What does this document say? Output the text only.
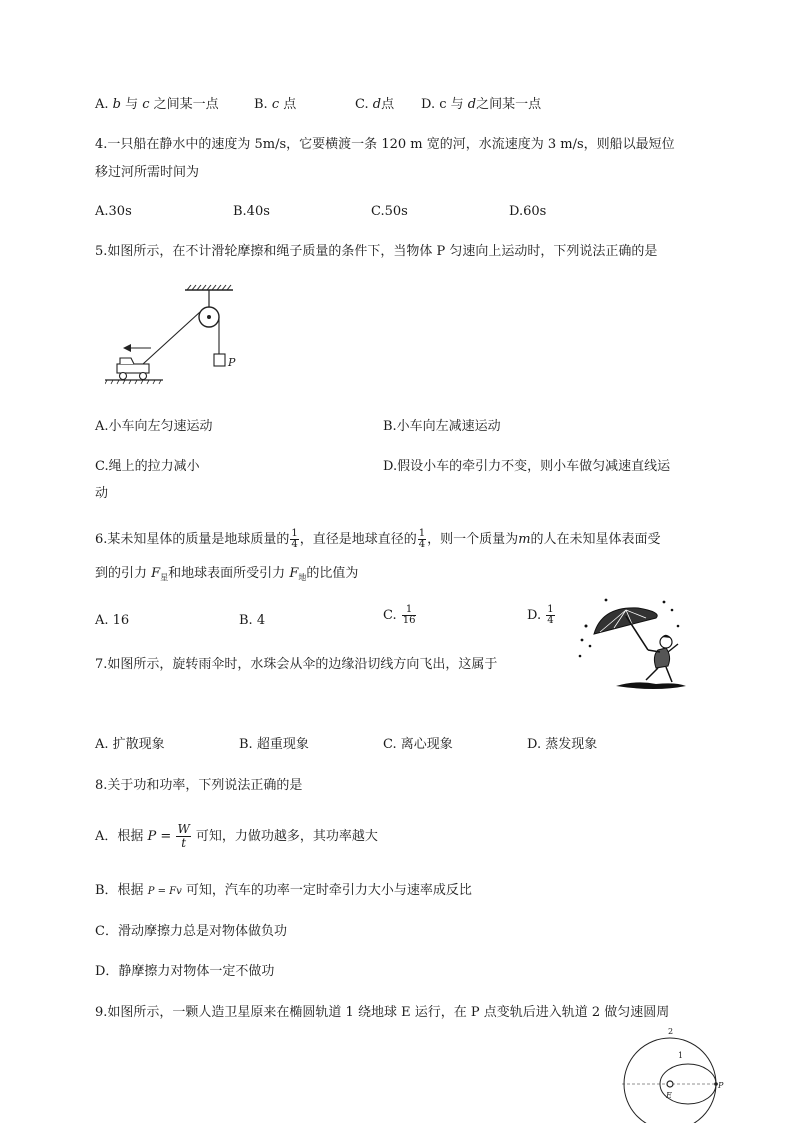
A. b 与 c 之间某一点	B. c 点	C. d点 D. c 与 d之间某一点
4.一只船在静水中的速度为 5m/s，它要横渡一条 120 m 宽的河，水流速度为 3 m/s，则船以最短位
移过河所需时间为
A.30s	B.40s	C.50s	D.60s
5.如图所示，在不计滑轮摩擦和绳子质量的条件下，当物体 P 匀速向上运动时，下列说法正确的是
P
A.小车向左匀速运动	B.小车向左减速运动
C.绳上的拉力减小	D.假设小车的牵引力不变，则小车做匀减速直线运
动
6.某未知星体的质量是地球质量的 $\frac{1}{4}$ ，直径是地球直径的 $\frac{1}{4}$ ，则一个质量为m的人在未知星体表面受
到的引力 $F_星$和地球表面所受引力 $F_地$的比值为
A. 16	B. 4	C. $\frac{1}{16}$	D. $\frac{1}{4}$
7.如图所示，旋转雨伞时，水珠会从伞的边缘沿切线方向飞出，这属于
A. 扩散现象	B. 超重现象	C. 离心现象	D. 蒸发现象
8.关于功和功率，下列说法正确的是
A．根据 $P = \frac{W}{t}$ 可知，力做功越多，其功率越大
B．根据 P = Fv 可知，汽车的功率一定时牵引力大小与速率成反比
C．滑动摩擦力总是对物体做负功
D．静摩擦力对物体一定不做功
9.如图所示，一颗人造卫星原来在椭圆轨道 1 绕地球 E 运行，在 P 点变轨后进入轨道 2 做匀速圆周
2
1
E
P
